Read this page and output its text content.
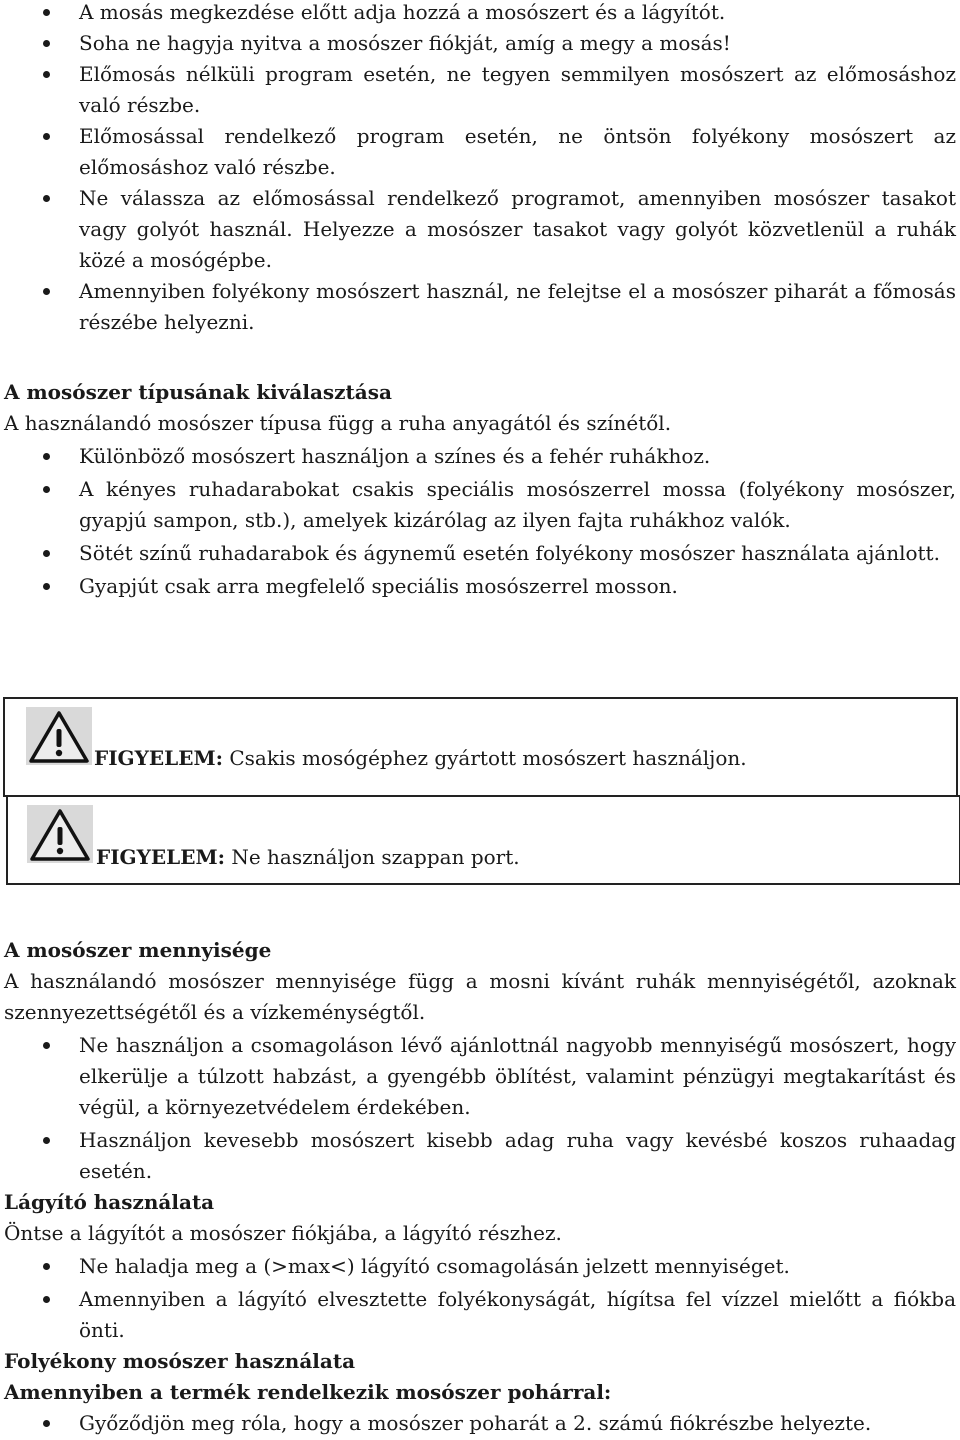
A mosás megkezdése előtt adja hozzá a mosószert és a lágyítót.
Soha ne hagyja nyitva a mosószer fiókját, amíg a megy a mosás!
Előmosás nélküli program esetén, ne tegyen semmilyen mosószert az előmosáshoz való részbe.
Előmosással rendelkező program esetén, ne öntsön folyékony mosószert az előmosáshoz való részbe.
Ne válassza az előmosással rendelkező programot, amennyiben mosószer tasakot vagy golyót használ. Helyezze a mosószer tasakot vagy golyót közvetlenül a ruhák közé a mosógépbe.
Amennyiben folyékony mosószert használ, ne felejtse el a mosószer piharát a főmosás részébe helyezni.
A mosószer típusának kiválasztása
A használandó mosószer típusa függ a ruha anyagától és színétől.
Különböző mosószert használjon a színes és a fehér ruhákhoz.
A kényes ruhadarabokat csakis speciális mosószerrel mossa (folyékony mosószer, gyapjú sampon, stb.), amelyek kizárólag az ilyen fajta ruhákhoz valók.
Sötét színű ruhadarabok és ágynemű esetén folyékony mosószer használata ajánlott.
Gyapjút csak arra megfelelő speciális mosószerrel mosson.
FIGYELEM: Csakis mosógéphez gyártott mosószert használjon.
FIGYELEM: Ne használjon szappan port.
A mosószer mennyisége
A használandó mosószer mennyisége függ a mosni kívánt ruhák mennyiségétől, azoknak szennyezettségétől és a vízkeménységtől.
Ne használjon a csomagoláson lévő ajánlottnál nagyobb mennyiségű mosószert, hogy elkerülje a túlzott habzást, a gyengébb öblítést, valamint pénzügyi megtakarítást és végül, a környezetvédelem érdekében.
Használjon kevesebb mosószert kisebb adag ruha vagy kevésbé koszos ruhaadag esetén.
Lágyító használata
Öntse a lágyítót a mosószer fiókjába, a lágyító részhez.
Ne haladja meg a (>max<) lágyító csomagolásán jelzett mennyiséget.
Amennyiben a lágyító elvesztette folyékonyságát, hígítsa fel vízzel mielőtt a fiókba önti.
Folyékony mosószer használata
Amennyiben a termék rendelkezik mosószer pohárral:
Győződjön meg róla, hogy a mosószer poharát a 2. számú fiókrészbe helyezte.
